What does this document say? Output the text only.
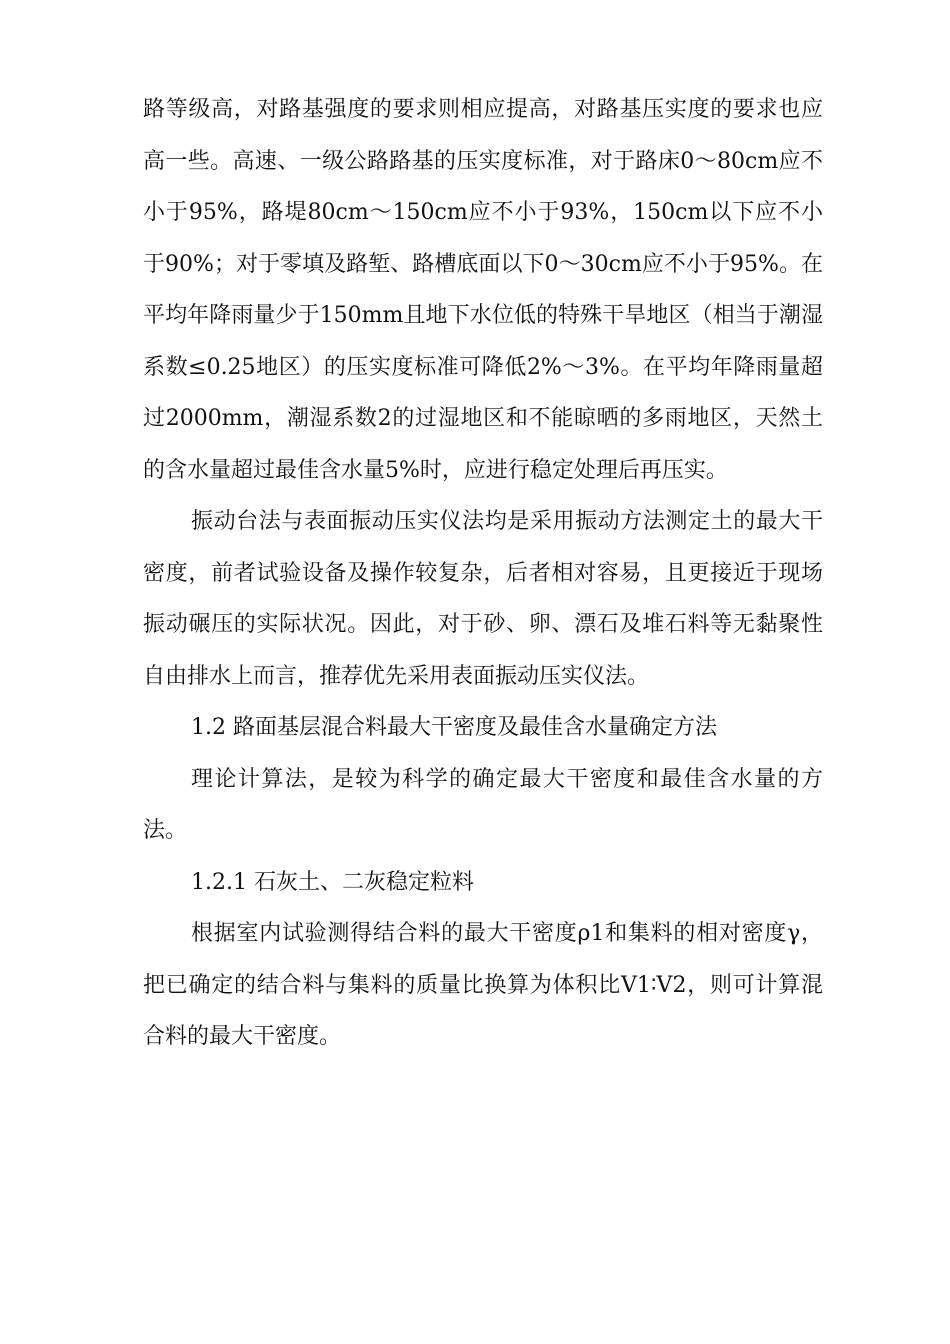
路等级高，对路基强度的要求则相应提高，对路基压实度的要求也应高一些。高速、一级公路路基的压实度标准，对于路床0～80cm应不小于95%，路堤80cm～150cm应不小于93%，150cm以下应不小于90%；对于零填及路堑、路槽底面以下0～30cm应不小于95%。在平均年降雨量少于150mm且地下水位低的特殊干旱地区（相当于潮湿系数≤0.25地区）的压实度标准可降低2%～3%。在平均年降雨量超过2000mm，潮湿系数2的过湿地区和不能晾晒的多雨地区，天然土的含水量超过最佳含水量5%时，应进行稳定处理后再压实。

振动台法与表面振动压实仪法均是采用振动方法测定土的最大干密度，前者试验设备及操作较复杂，后者相对容易，且更接近于现场振动碾压的实际状况。因此，对于砂、卵、漂石及堆石料等无黏聚性自由排水上而言，推荐优先采用表面振动压实仪法。

1.2 路面基层混合料最大干密度及最佳含水量确定方法

理论计算法，是较为科学的确定最大干密度和最佳含水量的方法。

1.2.1 石灰土、二灰稳定粒料

根据室内试验测得结合料的最大干密度ρ1和集料的相对密度γ，把已确定的结合料与集料的质量比换算为体积比V1∶V2，则可计算混合料的最大干密度。
